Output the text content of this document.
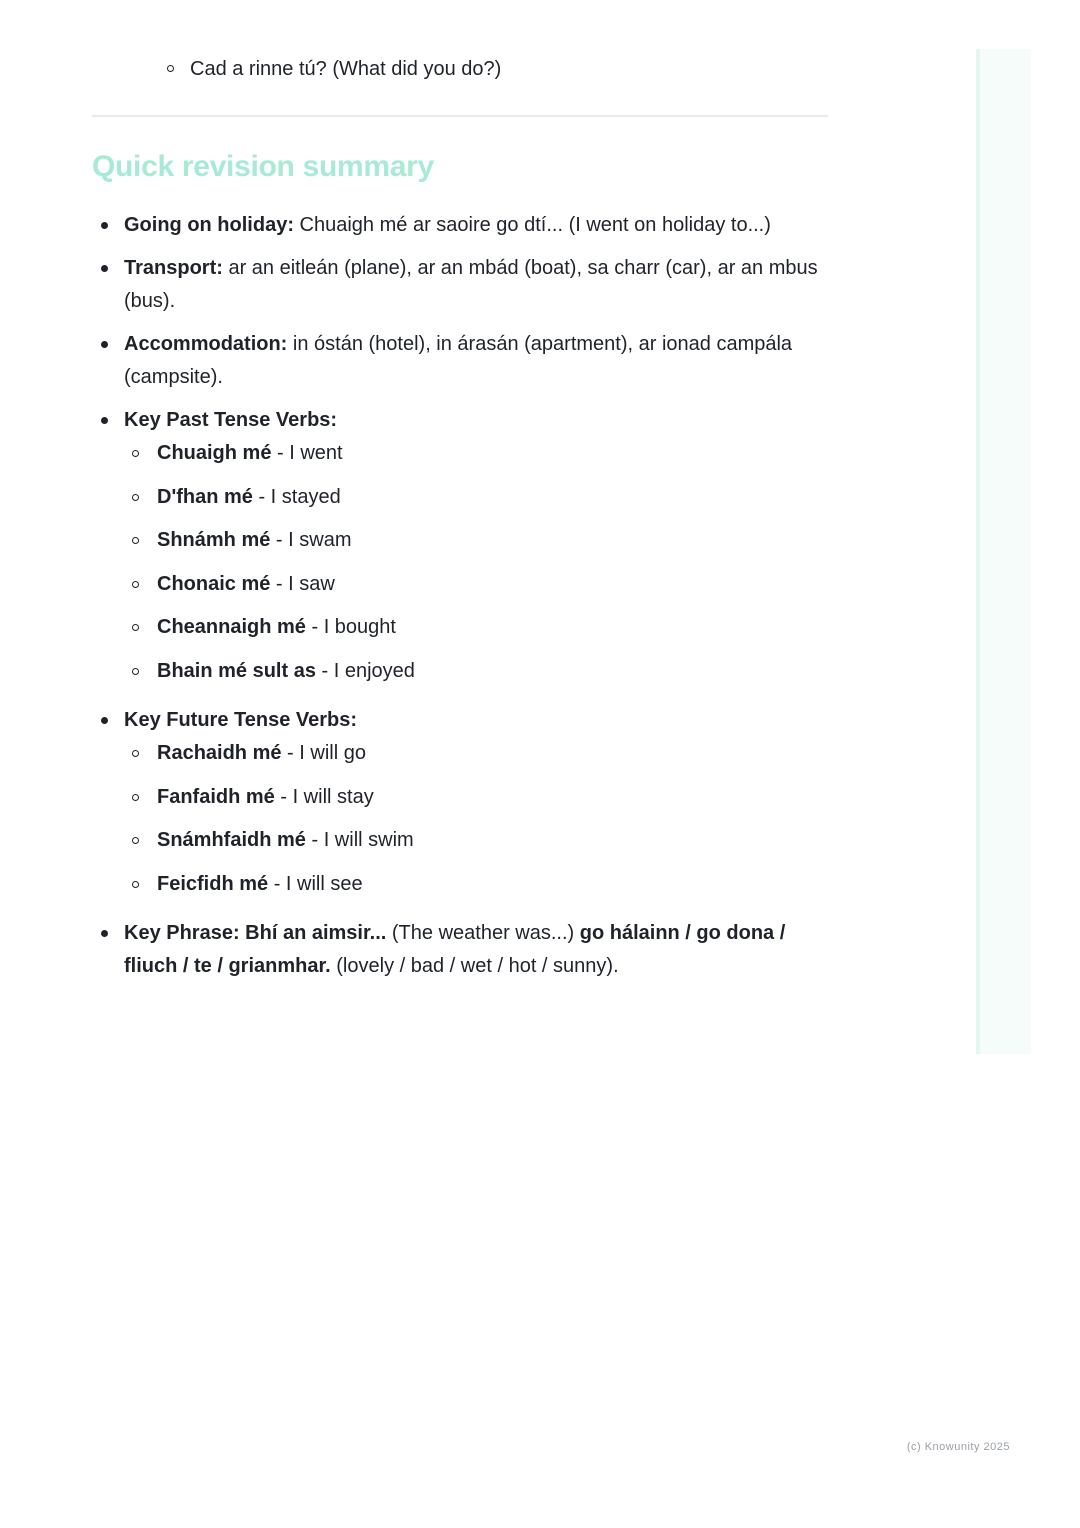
Cad a rinne tú? (What did you do?)
Quick revision summary
Going on holiday: Chuaigh mé ar saoire go dtí... (I went on holiday to...)
Transport: ar an eitleán (plane), ar an mbád (boat), sa charr (car), ar an mbus (bus).
Accommodation: in óstán (hotel), in árasán (apartment), ar ionad campála (campsite).
Key Past Tense Verbs:
Chuaigh mé - I went
D'fhan mé - I stayed
Shnámh mé - I swam
Chonaic mé - I saw
Cheannaigh mé - I bought
Bhain mé sult as - I enjoyed
Key Future Tense Verbs:
Rachaidh mé - I will go
Fanfaidh mé - I will stay
Snámhfaidh mé - I will swim
Feicfidh mé - I will see
Key Phrase: Bhí an aimsir... (The weather was...) go hálainn / go dona / fliuch / te / grianmhar. (lovely / bad / wet / hot / sunny).
(c) Knowunity 2025
